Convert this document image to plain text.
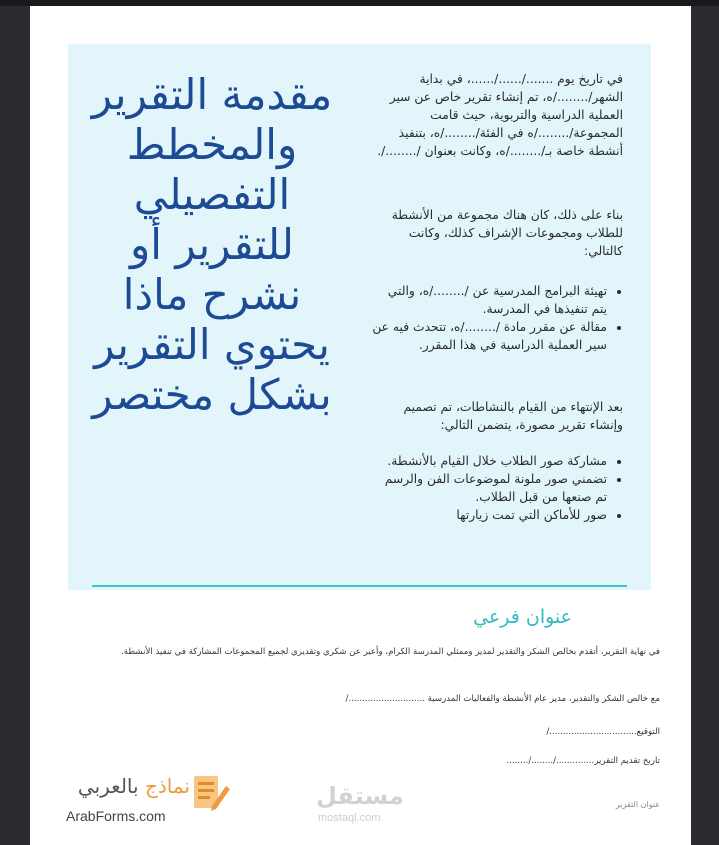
مقدمة التقرير والمخطط التفصيلي للتقرير أو نشرح ماذا يحتوي التقرير بشكل مختصر

في تاريخ يوم ......./....../......، في بداية الشهر/......../ه، تم إنشاء تقرير خاص عن سير العملية الدراسية والتربوية، حيث قامت المجموعة/......../ه في الفئة/......../ه، بتنفيذ أنشطة خاصة بـ/......../ه، وكانت بعنوان /......../.

بناء على ذلك، كان هناك مجموعة من الأنشطة للطلاب ومجموعات الإشراف كذلك، وكانت كالتالي:

• تهيئة البرامج المدرسية عن /......../ه، والتي يتم تنفيذها في المدرسة.
• مقالة عن مقرر مادة /......../ه، تتحدث فيه عن سير العملية الدراسية في هذا المقرر.

بعد الإنتهاء من القيام بالنشاطات، تم تصميم وإنشاء تقرير مصورة، يتضمن التالي:

• مشاركة صور الطلاب خلال القيام بالأنشطة.
• تضمني صور ملونة لموضوعات الفن والرسم تم صنعها من قبل الطلاب.
• صور للأماكن التي تمت زيارتها
عنوان فرعي
في نهاية التقرير، أتقدم بخالص الشكر والتقدير لمدير وممثلي المدرسة الكرام، وأعبر عن شكري وتقديري لجميع المجموعات المشاركة في تنفيذ الأنشطة.
مع خالص الشكر والتقدير، مدير عام الأنشطة والفعاليات المدرسية ............................/
التوقيع................................/
تاريخ تقديم التقرير............../......../........
عنوان التقرير
نماذج بالعربي
ArabForms.com
مستقل
mostaql.com
